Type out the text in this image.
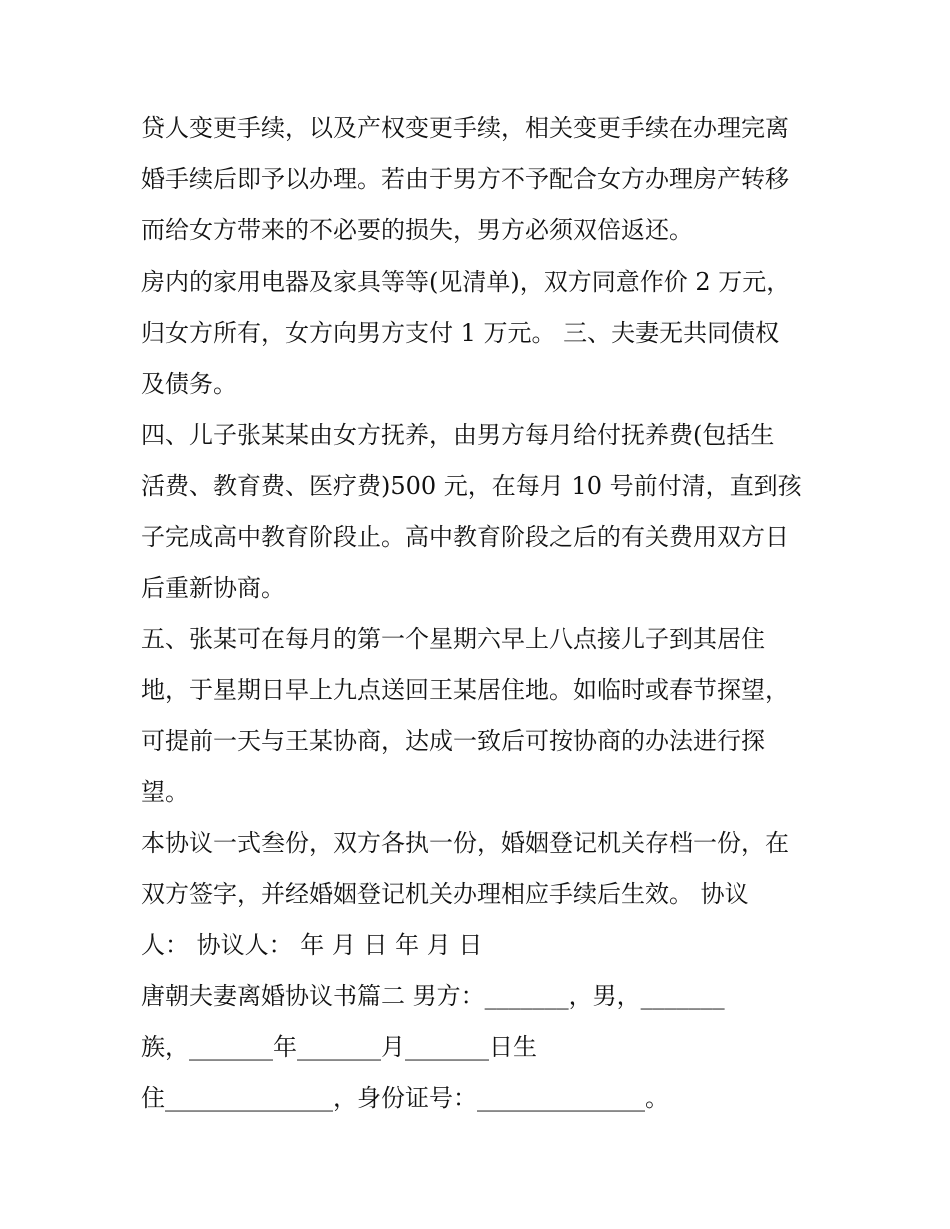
贷人变更手续，以及产权变更手续，相关变更手续在办理完离

婚手续后即予以办理。若由于男方不予配合女方办理房产转移

而给女方带来的不必要的损失，男方必须双倍返还。

房内的家用电器及家具等等(见清单)，双方同意作价 2 万元，

归女方所有，女方向男方支付 1 万元。 三、夫妻无共同债权

及债务。

四、儿子张某某由女方抚养，由男方每月给付抚养费(包括生

活费、教育费、医疗费)500 元，在每月 10 号前付清，直到孩

子完成高中教育阶段止。高中教育阶段之后的有关费用双方日

后重新协商。

五、张某可在每月的第一个星期六早上八点接儿子到其居住

地，于星期日早上九点送回王某居住地。如临时或春节探望，

可提前一天与王某协商，达成一致后可按协商的办法进行探

望。

本协议一式叁份，双方各执一份，婚姻登记机关存档一份，在

双方签字，并经婚姻登记机关办理相应手续后生效。 协议

人： 协议人： 年 月 日 年 月 日

唐朝夫妻离婚协议书篇二 男方：_______，男，_______

族，_______年_______月_______日生

住______________，身份证号：______________。
